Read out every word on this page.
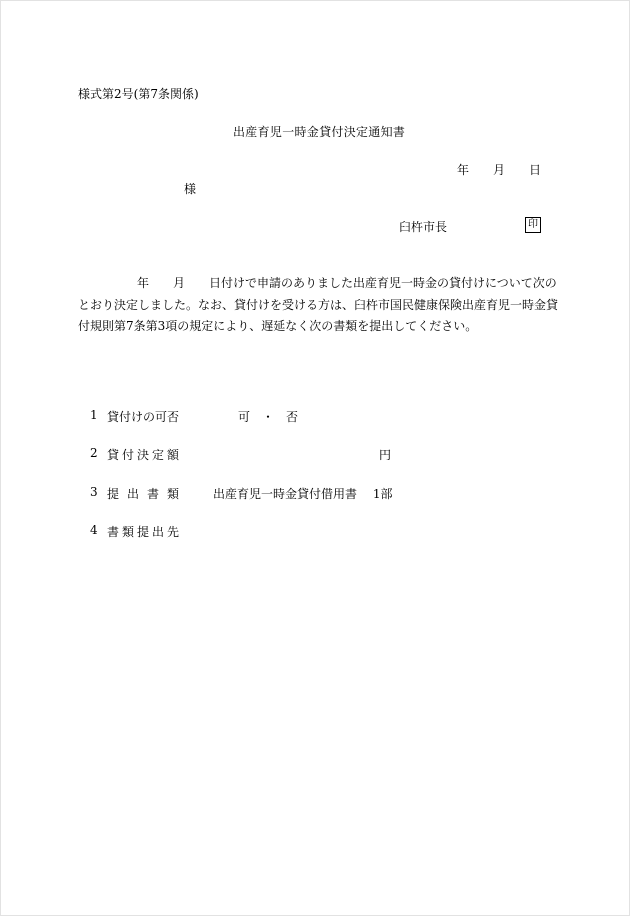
様式第2号(第7条関係)
出産育児一時金貸付決定通知書
年 月 日
様
臼杵市長	印
年 月 日付けで申請のありました出産育児一時金の貸付けについて次の
とおり決定しました。なお、貸付けを受ける方は、臼杵市国民健康保険出産育児一時金貸
付規則第7条第3項の規定により、遅延なく次の書類を提出してください。
1 貸付けの可否	可　・　否
2 貸付決定額	円
3 提出書類 出産育児一時金貸付借用書　 1部
4 書類提出先
